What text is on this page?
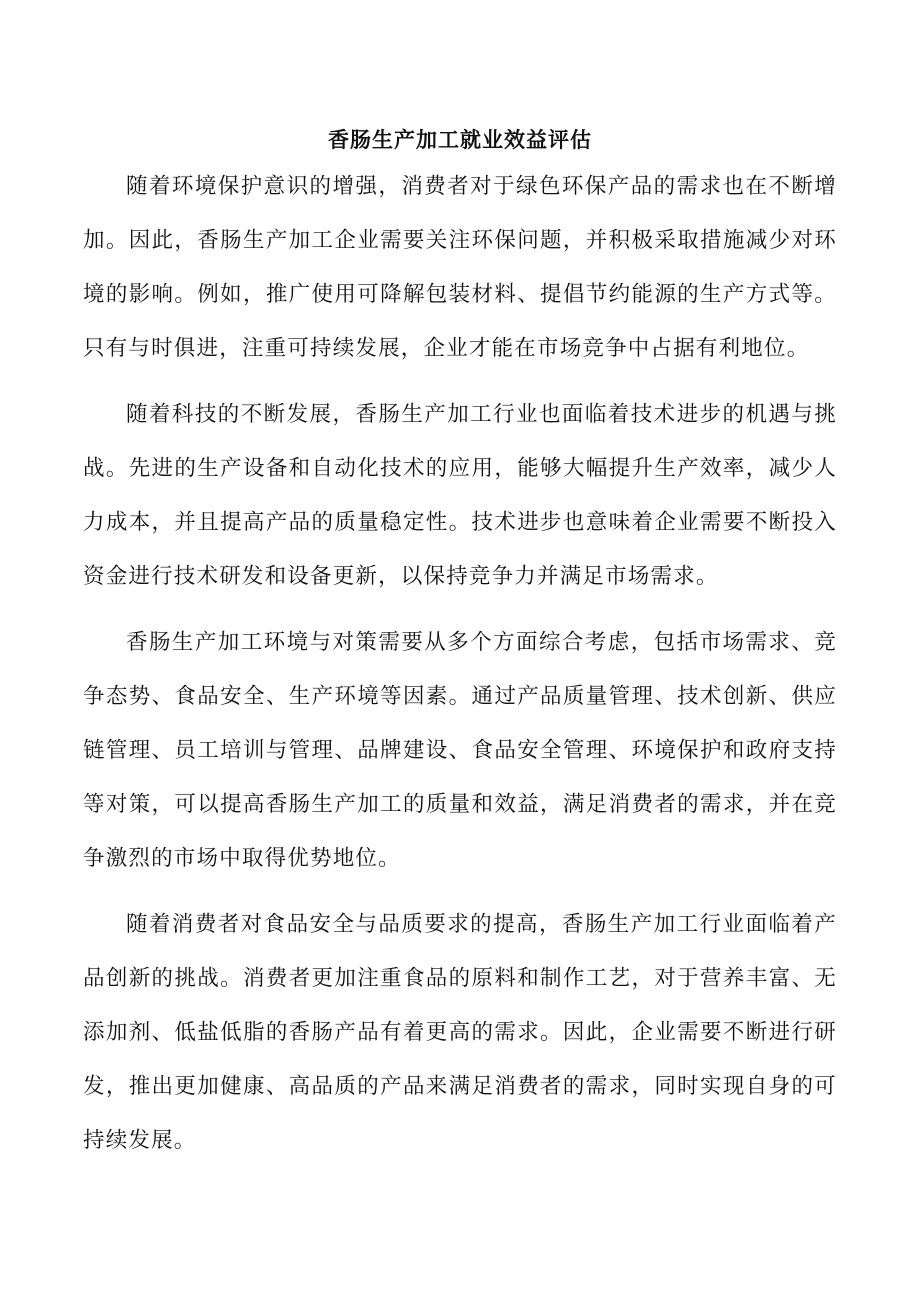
香肠生产加工就业效益评估

随着环境保护意识的增强，消费者对于绿色环保产品的需求也在不断增加。因此，香肠生产加工企业需要关注环保问题，并积极采取措施减少对环境的影响。例如，推广使用可降解包装材料、提倡节约能源的生产方式等。只有与时俱进，注重可持续发展，企业才能在市场竞争中占据有利地位。

随着科技的不断发展，香肠生产加工行业也面临着技术进步的机遇与挑战。先进的生产设备和自动化技术的应用，能够大幅提升生产效率，减少人力成本，并且提高产品的质量稳定性。技术进步也意味着企业需要不断投入资金进行技术研发和设备更新，以保持竞争力并满足市场需求。

香肠生产加工环境与对策需要从多个方面综合考虑，包括市场需求、竞争态势、食品安全、生产环境等因素。通过产品质量管理、技术创新、供应链管理、员工培训与管理、品牌建设、食品安全管理、环境保护和政府支持等对策，可以提高香肠生产加工的质量和效益，满足消费者的需求，并在竞争激烈的市场中取得优势地位。

随着消费者对食品安全与品质要求的提高，香肠生产加工行业面临着产品创新的挑战。消费者更加注重食品的原料和制作工艺，对于营养丰富、无添加剂、低盐低脂的香肠产品有着更高的需求。因此，企业需要不断进行研发，推出更加健康、高品质的产品来满足消费者的需求，同时实现自身的可持续发展。
